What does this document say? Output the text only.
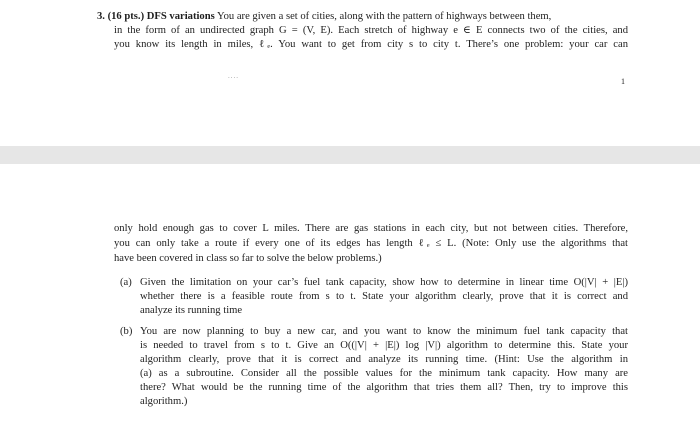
3. (16 pts.) DFS variations You are given a set of cities, along with the pattern of highways between them,
in the form of an undirected graph G = (V, E). Each stretch of highway e ∈ E connects two of the cities, and
you know its length in miles, ℓₑ. You want to get from city s to city t. There’s one problem: your car can
....
1
only hold enough gas to cover L miles. There are gas stations in each city, but not between cities. Therefore,
you can only take a route if every one of its edges has length ℓₑ ≤ L. (Note: Only use the algorithms that
have been covered in class so far to solve the below problems.)
(a) Given the limitation on your car’s fuel tank capacity, show how to determine in linear time O(|V| + |E|)
whether there is a feasible route from s to t. State your algorithm clearly, prove that it is correct and
analyze its running time
(b) You are now planning to buy a new car, and you want to know the minimum fuel tank capacity that
is needed to travel from s to t. Give an O((|V| + |E|) log |V|) algorithm to determine this. State your
algorithm clearly, prove that it is correct and analyze its running time. (Hint: Use the algorithm in
(a) as a subroutine. Consider all the possible values for the minimum tank capacity. How many are
there? What would be the running time of the algorithm that tries them all? Then, try to improve this
algorithm.)
